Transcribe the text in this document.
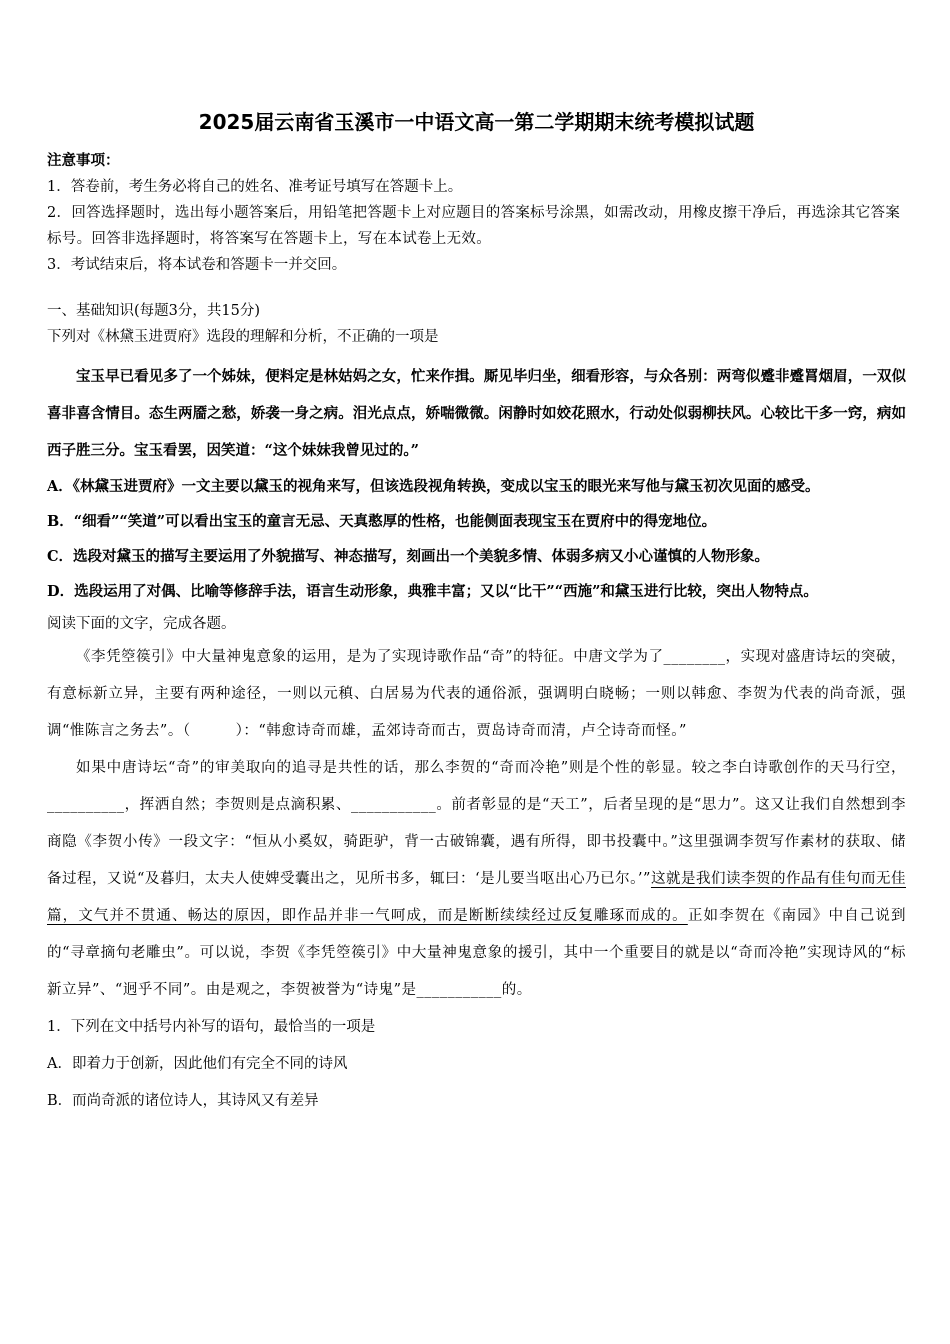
2025届云南省玉溪市一中语文高一第二学期期末统考模拟试题
注意事项：
1．答卷前，考生务必将自己的姓名、准考证号填写在答题卡上。
2．回答选择题时，选出每小题答案后，用铅笔把答题卡上对应题目的答案标号涂黑，如需改动，用橡皮擦干净后，再选涂其它答案标号。回答非选择题时，将答案写在答题卡上，写在本试卷上无效。
3．考试结束后，将本试卷和答题卡一并交回。
一、基础知识(每题3分，共15分)
下列对《林黛玉进贾府》选段的理解和分析，不正确的一项是
宝玉早已看见多了一个姊妹，便料定是林姑妈之女，忙来作揖。厮见毕归坐，细看形容，与众各别：两弯似蹙非蹙罥烟眉，一双似喜非喜含情目。态生两靥之愁，娇袭一身之病。泪光点点，娇喘微微。闲静时如姣花照水，行动处似弱柳扶风。心较比干多一窍，病如西子胜三分。宝玉看罢，因笑道：“这个妹妹我曾见过的。”
A．《林黛玉进贾府》一文主要以黛玉的视角来写，但该选段视角转换，变成以宝玉的眼光来写他与黛玉初次见面的感受。
B．“细看”“笑道”可以看出宝玉的童言无忌、天真憨厚的性格，也能侧面表现宝玉在贾府中的得宠地位。
C．选段对黛玉的描写主要运用了外貌描写、神态描写，刻画出一个美貌多情、体弱多病又小心谨慎的人物形象。
D．选段运用了对偶、比喻等修辞手法，语言生动形象，典雅丰富；又以“比干”“西施”和黛玉进行比较，突出人物特点。
阅读下面的文字，完成各题。
《李凭箜篌引》中大量神鬼意象的运用，是为了实现诗歌作品“奇”的特征。中唐文学为了________，实现对盛唐诗坛的突破，有意标新立异，主要有两种途径，一则以元稹、白居易为代表的通俗派，强调明白晓畅；一则以韩愈、李贺为代表的尚奇派，强调“惟陈言之务去”。（　　　）：“韩愈诗奇而雄，孟郊诗奇而古，贾岛诗奇而清，卢仝诗奇而怪。”
如果中唐诗坛“奇”的审美取向的追寻是共性的话，那么李贺的“奇而冷艳”则是个性的彰显。较之李白诗歌创作的天马行空，__________，挥洒自然；李贺则是点滴积累、___________。前者彰显的是“天工”，后者呈现的是“思力”。这又让我们自然想到李商隐《李贺小传》一段文字：“恒从小奚奴，骑距驴，背一古破锦囊，遇有所得，即书投囊中。”这里强调李贺写作素材的获取、储备过程，又说“及暮归，太夫人使婢受囊出之，见所书多，辄曰：‘是儿要当呕出心乃已尔。’”这就是我们读李贺的作品有佳句而无佳篇，文气并不贯通、畅达的原因，即作品并非一气呵成，而是断断续续经过反复雕琢而成的。正如李贺在《南园》中自己说到的“寻章摘句老雕虫”。可以说，李贺《李凭箜篌引》中大量神鬼意象的援引，其中一个重要目的就是以“奇而冷艳”实现诗风的“标新立异”、“迥乎不同”。由是观之，李贺被誉为“诗鬼”是___________的。
1．下列在文中括号内补写的语句，最恰当的一项是
A．即着力于创新，因此他们有完全不同的诗风
B．而尚奇派的诸位诗人，其诗风又有差异
